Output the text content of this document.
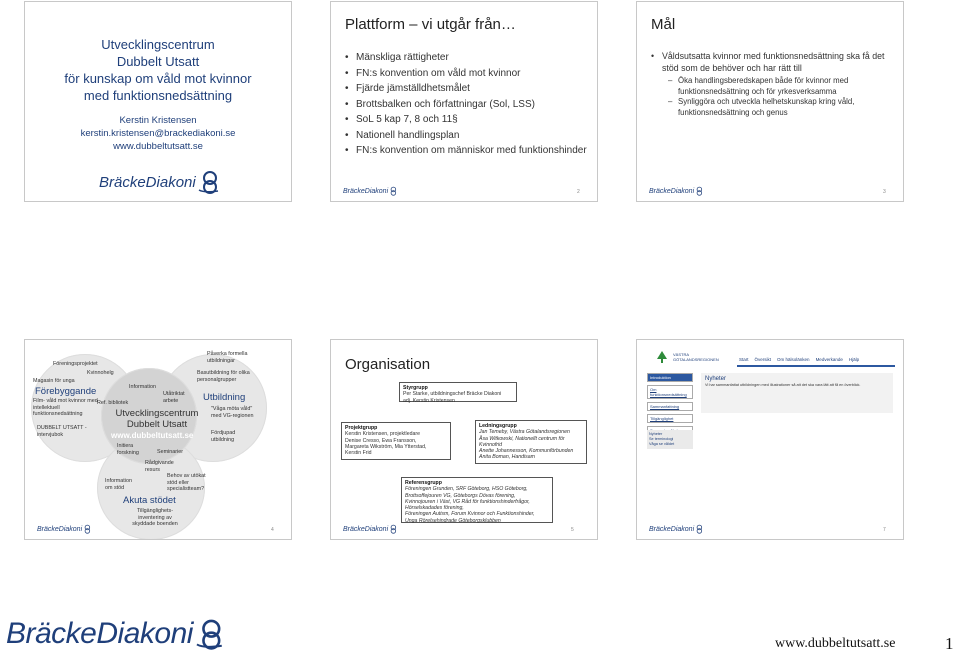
Utvecklingscentrum
Dubbelt Utsatt
för kunskap om våld mot kvinnor
med funktionsnedsättning
Kerstin Kristensen
kerstin.kristensen@brackediakoni.se
www.dubbeltutsatt.se
BräckeDiakoni
Plattform – vi utgår från…
• Mänskliga rättigheter
• FN:s konvention om våld mot kvinnor
• Fjärde jämställdhetsmålet
• Brottsbalken och författningar (Sol, LSS)
• SoL 5 kap 7, 8 och 11§
• Nationell handlingsplan
• FN:s konvention om människor med funktionshinder
BräckeDiakoni	2
Mål
• Våldsutsatta kvinnor med funktionsnedsättning ska få det stöd som de behöver och har rätt till
– Öka handlingsberedskapen både för kvinnor med funktionsnedsättning och för yrkesverksamma
– Synliggöra och utveckla helhetskunskap kring våld, funktionsnedsättning och genus
BräckeDiakoni	3
Föreningsprojektet
Kvinnohelg
Magasin för unga
Förebyggande
Film- våld mot kvinnor med intellektuell funktionsnedsättning
DUBBELT UTSATT - intervjubok
Påverka formella utbildningar
Basutbildning för olika personalgrupper
Utbildning
"Våga möta våld" med VG-regionen
Fördjupad utbildning
Information
Utåtriktat arbete
Ref. bibliotek
Utvecklingscentrum
Dubbelt Utsatt
www.dubbeltutsatt.se
Initiera forskning	Seminarier
Rådgivande resurs
Information om stöd
Behov av utökat stöd eller specialistteam?
Akuta stödet
Tillgänglighets-inventering av skyddade boenden
BräckeDiakoni	4
Organisation
Styrgrupp
Per Starke, utbildningschef Bräcke Diakoni
adj. Kerstin Kristensen
Projektgrupp
Kerstin Kristensen, projektledare
Denise Cresso, Ewa Fransson,
Margareta Wikström, Mia Ytterstad,
Kerstin Frid
Ledningsgrupp
Jan Temeby, Västra Götalandsregionen
Åsa Witkowski, Nationellt centrum för
Kvinnofrid
Anette Johannesson, Kommunförbunden
Anita Boman, Handisam
Referensgrupp
Föreningen Grunden, SRF Göteborg, HSO Göteborg,
Brottsoffejouren VG, Göteborgs Dövas förening,
Kvinnojouren i Väst, VG Råd för funktionshinderfrågor,
Hörselskadades förening,
Föreningen Autism, Forum Kvinnor och Funktionshinder,
Unga Rörelsehindrade Göteborgsklubben
BräckeDiakoni	5
VÄSTRA GÖTALANDSREGIONEN	Start Översikt Om hälsolänken Medverkande Hjälp
Introduktion
Om funktionsnedsättning
Sammanfattning
Tillgänglighet
Nyheter
Vi har sammanfattat utbildningen med illustrationer så att det ska vara lätt att få en överblick.
Nyheter
Se terminologi
Våga se våldet
BräckeDiakoni	7
BräckeDiakoni	www.dubbeltutsatt.se	1
